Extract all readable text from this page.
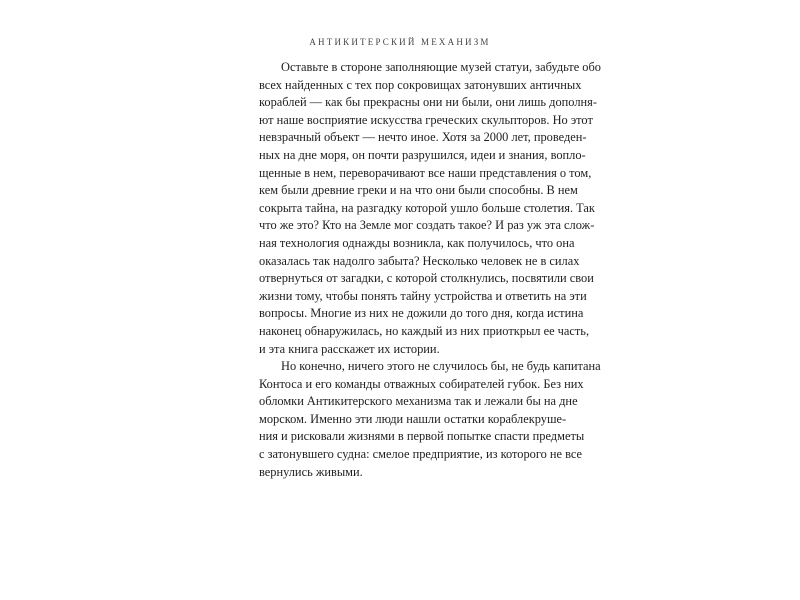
АНТИКИТЕРСКИЙ МЕХАНИЗМ
Оставьте в стороне заполняющие музей статуи, забудьте обо
всех найденных с тех пор сокровищах затонувших античных
кораблей — как бы прекрасны они ни были, они лишь дополня-
ют наше восприятие искусства греческих скульпторов. Но этот
невзрачный объект — нечто иное. Хотя за 2000 лет, проведен-
ных на дне моря, он почти разрушился, идеи и знания, вопло-
щенные в нем, переворачивают все наши представления о том,
кем были древние греки и на что они были способны. В нем
сокрыта тайна, на разгадку которой ушло больше столетия. Так
что же это? Кто на Земле мог создать такое? И раз уж эта слож-
ная технология однажды возникла, как получилось, что она
оказалась так надолго забыта? Несколько человек не в силах
отвернуться от загадки, с которой столкнулись, посвятили свои
жизни тому, чтобы понять тайну устройства и ответить на эти
вопросы. Многие из них не дожили до того дня, когда истина
наконец обнаружилась, но каждый из них приоткрыл ее часть,
и эта книга расскажет их истории.
Но конечно, ничего этого не случилось бы, не будь капитана
Контоса и его команды отважных собирателей губок. Без них
обломки Антикитерского механизма так и лежали бы на дне
морском. Именно эти люди нашли остатки кораблекруше-
ния и рисковали жизнями в первой попытке спасти предметы
с затонувшего судна: смелое предприятие, из которого не все
вернулись живыми.
